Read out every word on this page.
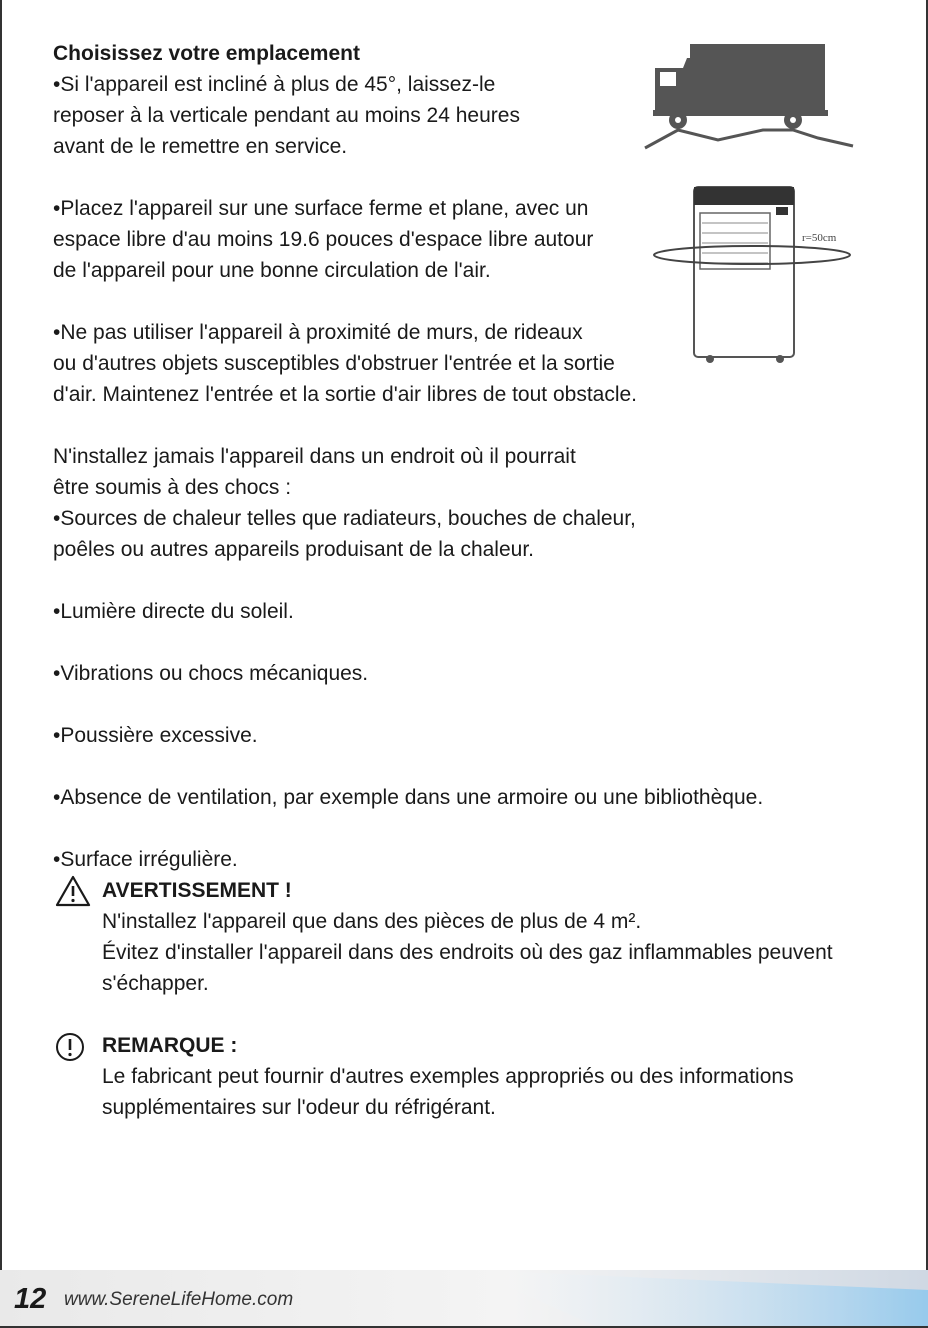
r=50cm
Choisissez votre emplacement
•Si l'appareil est incliné à plus de 45°, laissez-le
reposer à la verticale pendant au moins 24 heures
avant de le remettre en service.
•Placez l'appareil sur une surface ferme et plane, avec un
espace libre d'au moins 19.6 pouces d'espace libre autour
de l'appareil pour une bonne circulation de l'air.
•Ne pas utiliser l'appareil à proximité de murs, de rideaux
ou d'autres objets susceptibles d'obstruer l'entrée et la sortie
d'air. Maintenez l'entrée et la sortie d'air libres de tout obstacle.
N'installez jamais l'appareil dans un endroit où il pourrait
être soumis à des chocs :
•Sources de chaleur telles que radiateurs, bouches de chaleur,
poêles ou autres appareils produisant de la chaleur.
•Lumière directe du soleil.
•Vibrations ou chocs mécaniques.
•Poussière excessive.
•Absence de ventilation, par exemple dans une armoire ou une bibliothèque.
•Surface irrégulière.
AVERTISSEMENT !
N'installez l'appareil que dans des pièces de plus de 4 m².
Évitez d'installer l'appareil dans des endroits où des gaz inflammables peuvent
s'échapper.
REMARQUE :
Le fabricant peut fournir d'autres exemples appropriés ou des informations
supplémentaires sur l'odeur du réfrigérant.
12 www.SereneLifeHome.com
